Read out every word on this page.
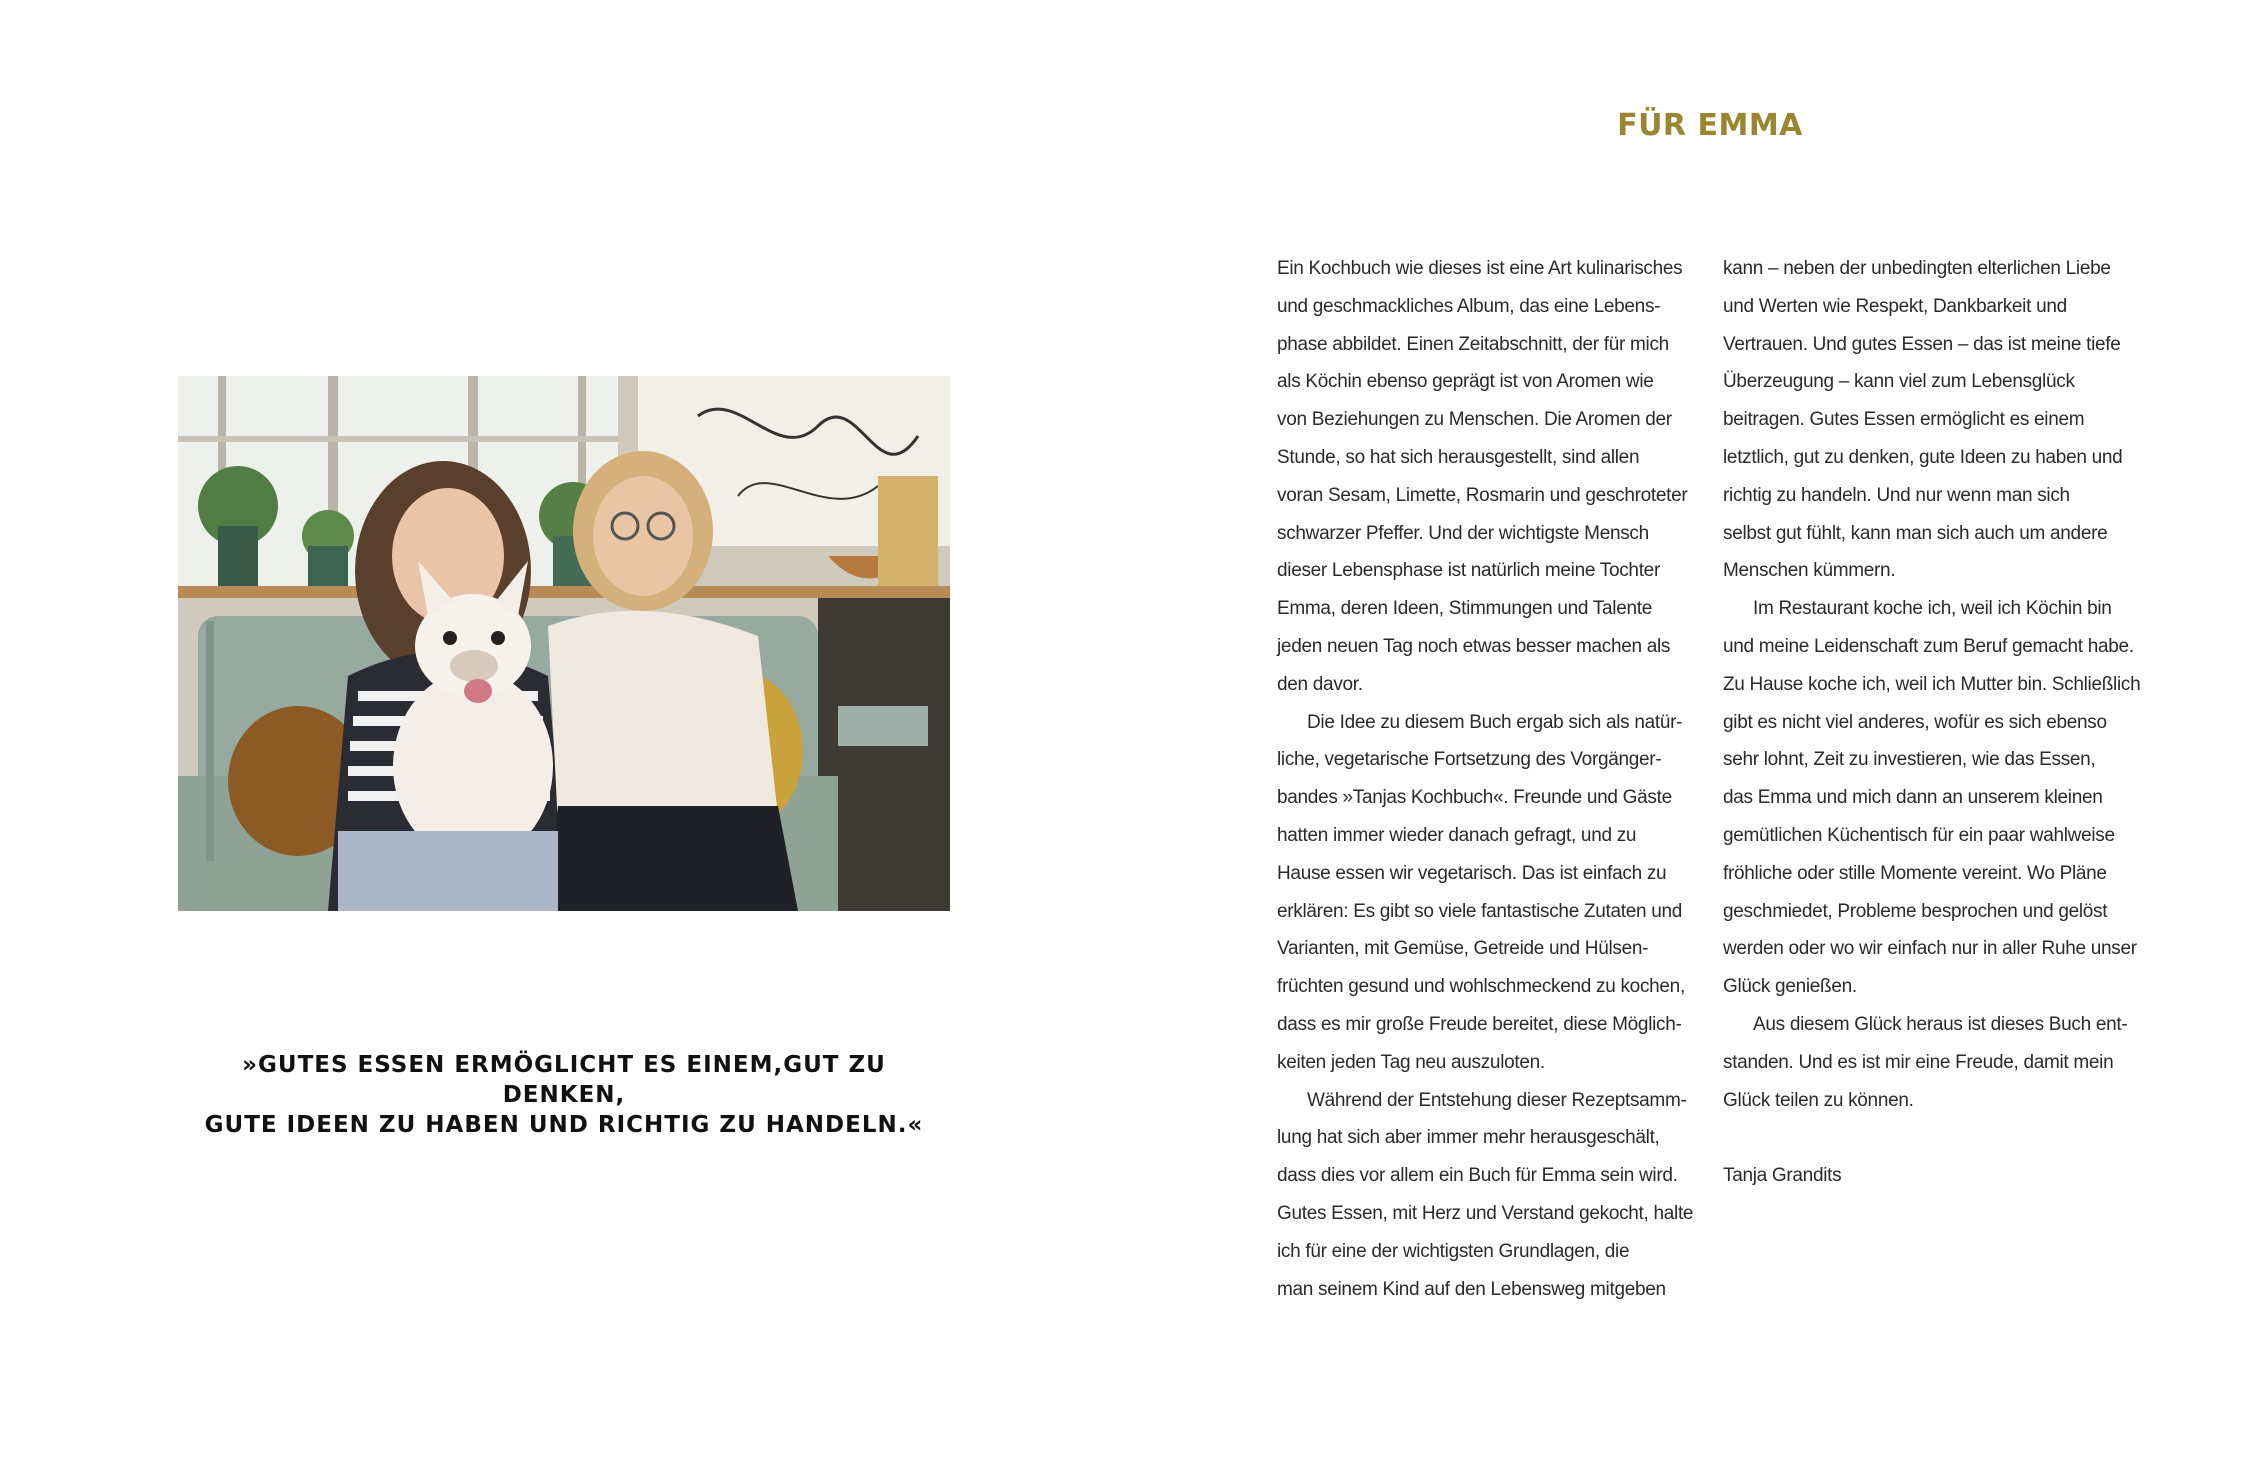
»GUTES ESSEN ERMÖGLICHT ES EINEM,GUT ZU DENKEN,
GUTE IDEEN ZU HABEN UND RICHTIG ZU HANDELN.«

FÜR EMMA
Ein Kochbuch wie dieses ist eine Art kulinarisches
und geschmackliches Album, das eine Lebens-
phase abbildet. Einen Zeitabschnitt, der für mich
als Köchin ebenso geprägt ist von Aromen wie
von Beziehungen zu Menschen. Die Aromen der
Stunde, so hat sich herausgestellt, sind allen
voran Sesam, Limette, Rosmarin und geschroteter
schwarzer Pfeffer. Und der wichtigste Mensch
dieser Lebensphase ist natürlich meine Tochter
Emma, deren Ideen, Stimmungen und Talente
jeden neuen Tag noch etwas besser machen als
den davor.
Die Idee zu diesem Buch ergab sich als natür-
liche, vegetarische Fortsetzung des Vorgänger-
bandes »Tanjas Kochbuch«. Freunde und Gäste
hatten immer wieder danach gefragt, und zu
Hause essen wir vegetarisch. Das ist einfach zu
erklären: Es gibt so viele fantastische Zutaten und
Varianten, mit Gemüse, Getreide und Hülsen-
früchten gesund und wohlschmeckend zu kochen,
dass es mir große Freude bereitet, diese Möglich-
keiten jeden Tag neu auszuloten.
Während der Entstehung dieser Rezeptsamm-
lung hat sich aber immer mehr herausgeschält,
dass dies vor allem ein Buch für Emma sein wird.
Gutes Essen, mit Herz und Verstand gekocht, halte
ich für eine der wichtigsten Grundlagen, die
man seinem Kind auf den Lebensweg mitgeben
kann – neben der unbedingten elterlichen Liebe
und Werten wie Respekt, Dankbarkeit und
Vertrauen. Und gutes Essen – das ist meine tiefe
Überzeugung – kann viel zum Lebensglück
beitragen. Gutes Essen ermöglicht es einem
letztlich, gut zu denken, gute Ideen zu haben und
richtig zu handeln. Und nur wenn man sich
selbst gut fühlt, kann man sich auch um andere
Menschen kümmern.
Im Restaurant koche ich, weil ich Köchin bin
und meine Leidenschaft zum Beruf gemacht habe.
Zu Hause koche ich, weil ich Mutter bin. Schließlich
gibt es nicht viel anderes, wofür es sich ebenso
sehr lohnt, Zeit zu investieren, wie das Essen,
das Emma und mich dann an unserem kleinen
gemütlichen Küchentisch für ein paar wahlweise
fröhliche oder stille Momente vereint. Wo Pläne
geschmiedet, Probleme besprochen und gelöst
werden oder wo wir einfach nur in aller Ruhe unser
Glück genießen.
Aus diesem Glück heraus ist dieses Buch ent-
standen. Und es ist mir eine Freude, damit mein
Glück teilen zu können.
Tanja Grandits
